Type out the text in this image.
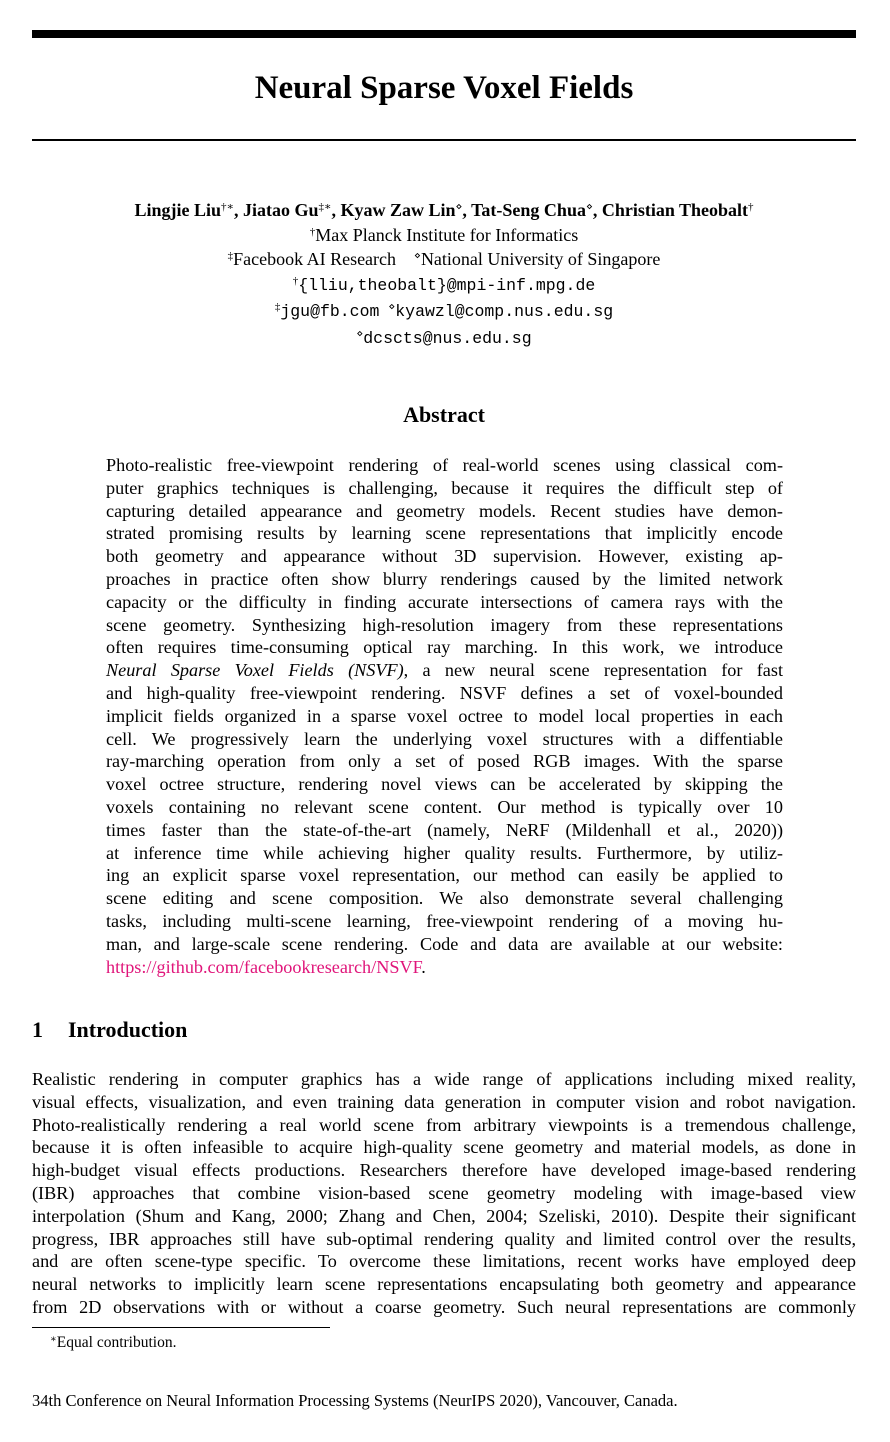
Neural Sparse Voxel Fields
Lingjie Liu†∗, Jiatao Gu‡∗, Kyaw Zaw Lin⋄, Tat-Seng Chua⋄, Christian Theobalt†
†Max Planck Institute for Informatics
‡Facebook AI Research ⋄National University of Singapore
†{lliu,theobalt}@mpi-inf.mpg.de
‡jgu@fb.com ⋄kyawzl@comp.nus.edu.sg
⋄dcscts@nus.edu.sg
Abstract

Photo-realistic free-viewpoint rendering of real-world scenes using classical com-

puter graphics techniques is challenging, because it requires the difficult step of

capturing detailed appearance and geometry models. Recent studies have demon-

strated promising results by learning scene representations that implicitly encode

both geometry and appearance without 3D supervision. However, existing ap-

proaches in practice often show blurry renderings caused by the limited network

capacity or the difficulty in finding accurate intersections of camera rays with the

scene geometry. Synthesizing high-resolution imagery from these representations

often requires time-consuming optical ray marching. In this work, we introduce

Neural Sparse Voxel Fields (NSVF), a new neural scene representation for fast

and high-quality free-viewpoint rendering. NSVF defines a set of voxel-bounded

implicit fields organized in a sparse voxel octree to model local properties in each

cell. We progressively learn the underlying voxel structures with a diffentiable

ray-marching operation from only a set of posed RGB images. With the sparse

voxel octree structure, rendering novel views can be accelerated by skipping the

voxels containing no relevant scene content. Our method is typically over 10

times faster than the state-of-the-art (namely, NeRF (Mildenhall et al., 2020))

at inference time while achieving higher quality results. Furthermore, by utiliz-

ing an explicit sparse voxel representation, our method can easily be applied to

scene editing and scene composition. We also demonstrate several challenging

tasks, including multi-scene learning, free-viewpoint rendering of a moving hu-

man, and large-scale scene rendering. Code and data are available at our website:

https://github.com/facebookresearch/NSVF.

1 Introduction

Realistic rendering in computer graphics has a wide range of applications including mixed reality,

visual effects, visualization, and even training data generation in computer vision and robot navigation.

Photo-realistically rendering a real world scene from arbitrary viewpoints is a tremendous challenge,

because it is often infeasible to acquire high-quality scene geometry and material models, as done in

high-budget visual effects productions. Researchers therefore have developed image-based rendering

(IBR) approaches that combine vision-based scene geometry modeling with image-based view

interpolation (Shum and Kang, 2000; Zhang and Chen, 2004; Szeliski, 2010). Despite their significant

progress, IBR approaches still have sub-optimal rendering quality and limited control over the results,

and are often scene-type specific. To overcome these limitations, recent works have employed deep

neural networks to implicitly learn scene representations encapsulating both geometry and appearance

from 2D observations with or without a coarse geometry. Such neural representations are commonly

∗Equal contribution.
34th Conference on Neural Information Processing Systems (NeurIPS 2020), Vancouver, Canada.
